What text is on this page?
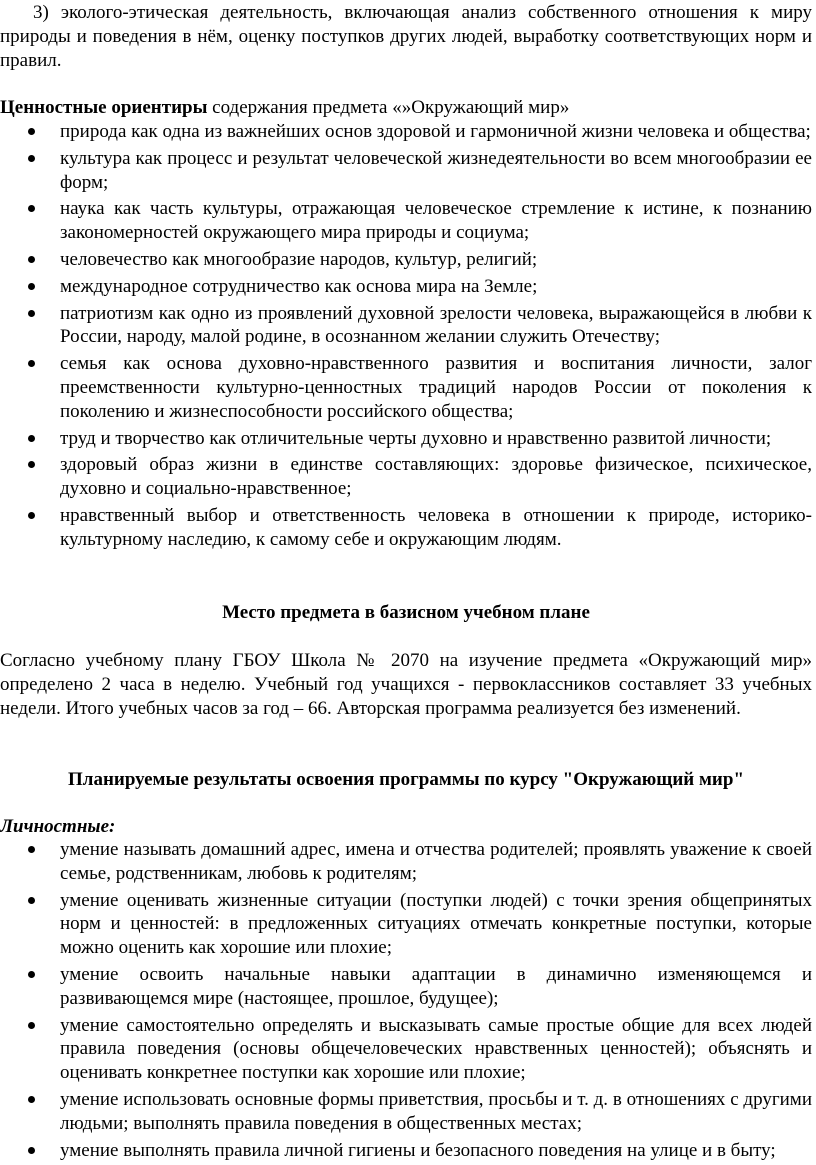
3) эколого-этическая деятельность, включающая анализ собственного отношения к миру природы и поведения в нём, оценку поступков других людей, выработку соответствующих норм и правил.

Ценностные ориентиры содержания предмета «»Окружающий мир»

природа как одна из важнейших основ здоровой и гармоничной жизни человека и общества;
культура как процесс и результат человеческой жизнедеятельности во всем многообразии ее форм;
наука как часть культуры, отражающая человеческое стремление к истине, к познанию закономерностей окружающего мира природы и социума;
человечество как многообразие народов, культур, религий;
международное сотрудничество как основа мира на Земле;
патриотизм как одно из проявлений духовной зрелости человека, выражающейся в любви к России, народу, малой родине, в осознанном желании служить Отечеству;
семья как основа духовно-нравственного развития и воспитания личности, залог преемственности культурно-ценностных традиций народов России от поколения к поколению и жизнеспособности российского общества;
труд и творчество как отличительные черты духовно и нравственно развитой личности;
здоровый образ жизни в единстве составляющих: здоровье физическое, психическое, духовно и социально-нравственное;
нравственный выбор и ответственность человека в отношении к природе, историко-культурному наследию, к самому себе и окружающим людям.

Место предмета в базисном учебном плане

Согласно учебному плану ГБОУ Школа № 2070 на изучение предмета «Окружающий мир» определено 2 часа в неделю. Учебный год учащихся - первоклассников составляет 33 учебных недели. Итого учебных часов за год – 66. Авторская программа реализуется без изменений.

Планируемые результаты освоения программы по курсу "Окружающий мир"

Личностные:

умение называть домашний адрес, имена и отчества родителей; проявлять уважение к своей семье, родственникам, любовь к родителям;
умение оценивать жизненные ситуации (поступки людей) с точки зрения общепринятых норм и ценностей: в предложенных ситуациях отмечать конкретные поступки, которые можно оценить как хорошие или плохие;
умение освоить начальные навыки адаптации в динамично изменяющемся и развивающемся мире (настоящее, прошлое, будущее);
умение самостоятельно определять и высказывать самые простые общие для всех людей правила поведения (основы общечеловеческих нравственных ценностей); объяснять и оценивать конкретнее поступки как хорошие или плохие;
умение использовать основные формы приветствия, просьбы и т. д. в отношениях с другими людьми; выполнять правила поведения в общественных местах;
умение выполнять правила личной гигиены и безопасного поведения на улице и в быту;
